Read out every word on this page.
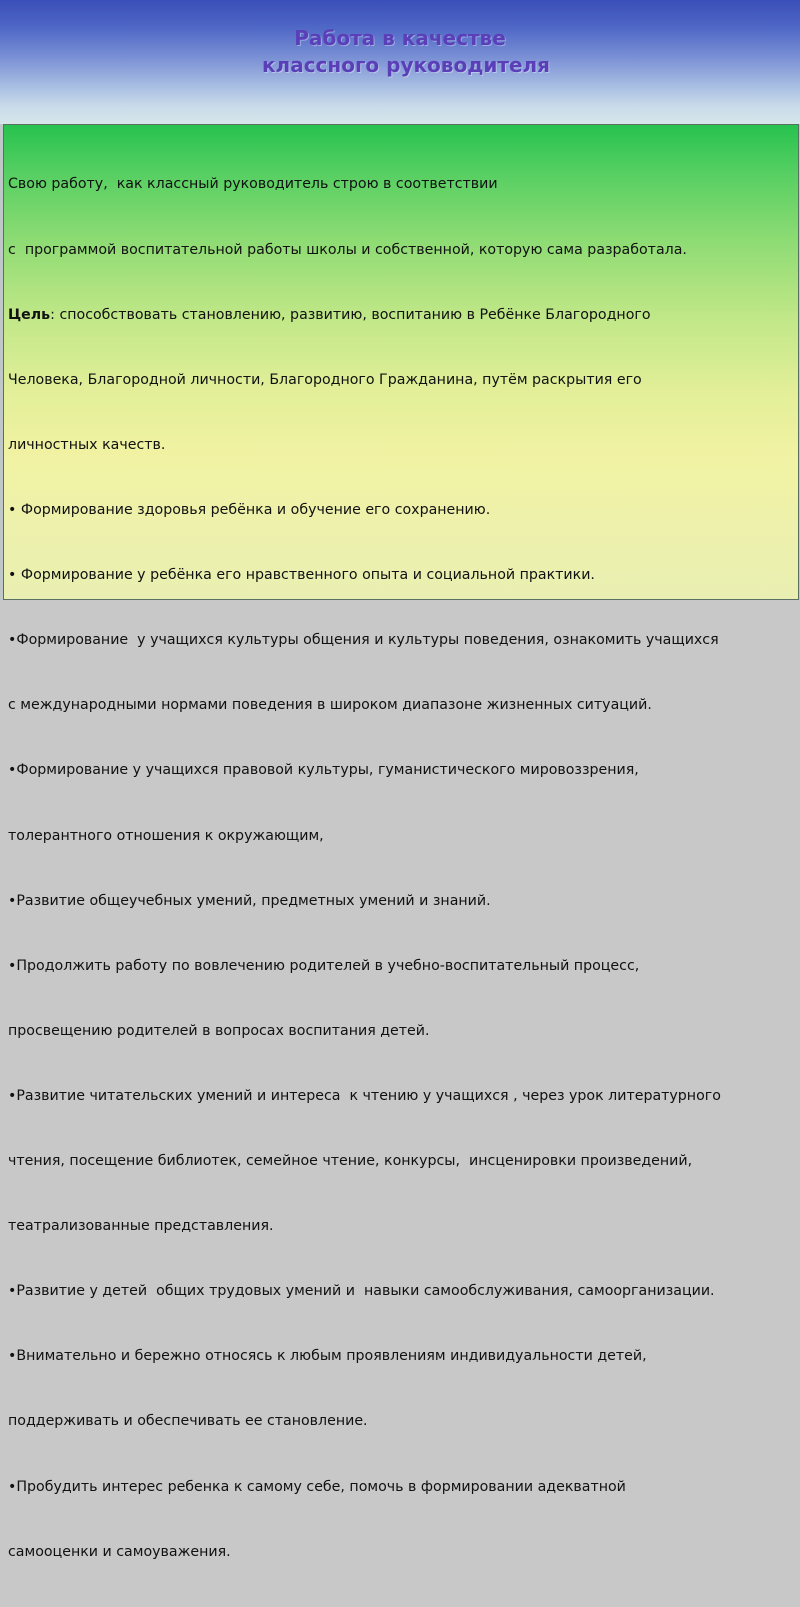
Работа в качестве
классного руководителя

Свою работу,  как классный руководитель строю в соответствии

с  программой воспитательной работы школы и собственной, которую сама разработала.

Цель: способствовать становлению, развитию, воспитанию в Ребёнке Благородного

Человека, Благородной личности, Благородного Гражданина, путём раскрытия его

личностных качеств.

• Формирование здоровья ребёнка и обучение его сохранению.

• Формирование у ребёнка его нравственного опыта и социальной практики.

•Формирование  у учащихся культуры общения и культуры поведения, ознакомить учащихся

с международными нормами поведения в широком диапазоне жизненных ситуаций.

•Формирование у учащихся правовой культуры, гуманистического мировоззрения,

толерантного отношения к окружающим,

•Развитие общеучебных умений, предметных умений и знаний.

•Продолжить работу по вовлечению родителей в учебно-воспитательный процесс,

просвещению родителей в вопросах воспитания детей.

•Развитие читательских умений и интереса  к чтению у учащихся , через урок литературного

чтения, посещение библиотек, семейное чтение, конкурсы,  инсценировки произведений,

театрализованные представления.

•Развитие у детей  общих трудовых умений и  навыки самообслуживания, самоорганизации.

•Внимательно и бережно относясь к любым проявлениям индивидуальности детей,

поддерживать и обеспечивать ее становление.

•Пробудить интерес ребенка к самому себе, помочь в формировании адекватной

самооценки и самоуважения.
